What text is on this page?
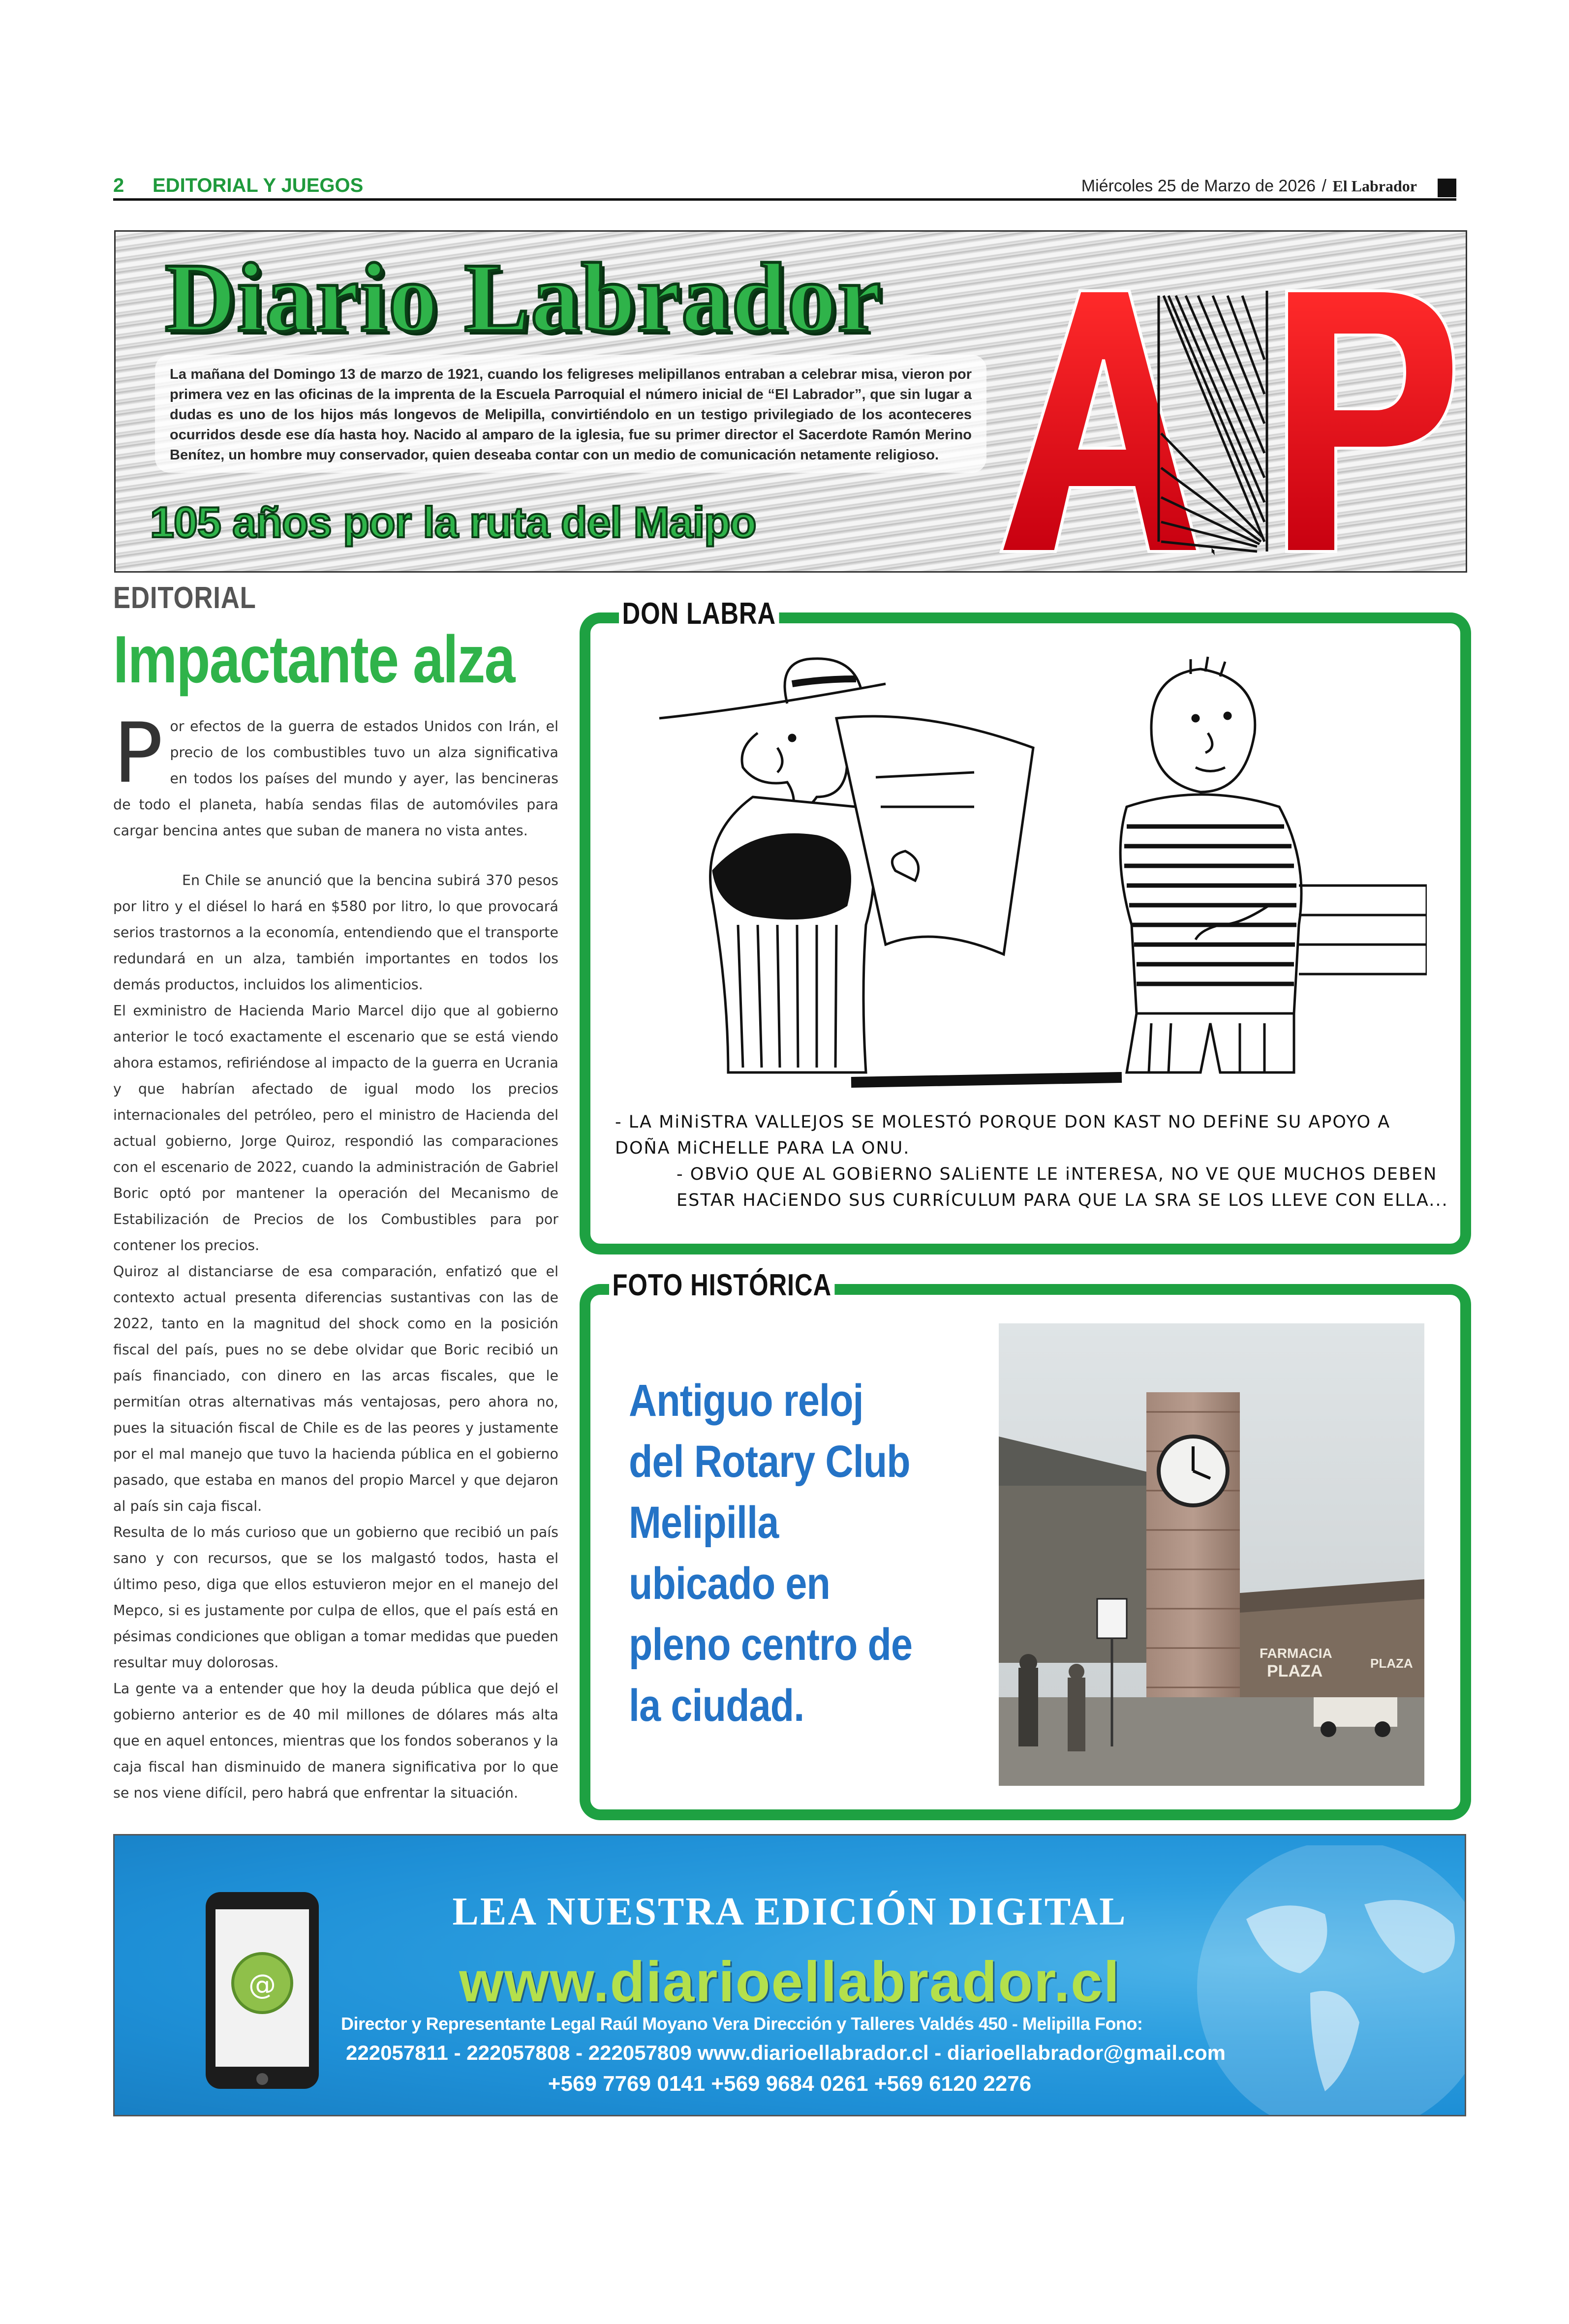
2 EDITORIAL Y JUEGOS	Miércoles 25 de Marzo de 2026 / El Labrador
Diario Labrador
La mañana del Domingo 13 de marzo de 1921, cuando los feligreses melipillanos entraban a celebrar misa, vieron por primera vez en las oficinas de la imprenta de la Escuela Parroquial el número inicial de “El Labrador”, que sin lugar a dudas es uno de los hijos más longevos de Melipilla, convirtiéndolo en un testigo privilegiado de los aconteceres ocurridos desde ese día hasta hoy. Nacido al amparo de la iglesia, fue su primer director el Sacerdote Ramón Merino Benítez, un hombre muy conservador, quien deseaba contar con un medio de comunicación netamente religioso.
105 años por la ruta del Maipo
A	N	P
EDITORIAL
Impactante alza

Por efectos de la guerra de estados Unidos con Irán, el precio de los combustibles tuvo un alza significativa en todos los países del mundo y ayer, las bencineras de todo el planeta, había sendas filas de automóviles para cargar bencina antes que suban de manera no vista antes.

En Chile se anunció que la bencina subirá 370 pesos por litro y el diésel lo hará en $580 por litro, lo que provocará serios trastornos a la economía, entendiendo que el transporte redundará en un alza, también importantes en todos los demás productos, incluidos los alimenticios.

El exministro de Hacienda Mario Marcel dijo que al gobierno anterior le tocó exactamente el escenario que se está viendo ahora estamos, refiriéndose al impacto de la guerra en Ucrania y que habrían afectado de igual modo los precios internacionales del petróleo, pero el ministro de Hacienda del actual gobierno, Jorge Quiroz, respondió las comparaciones con el escenario de 2022, cuando la administración de Gabriel Boric optó por mantener la operación del Mecanismo de Estabilización de Precios de los Combustibles para por contener los precios.

Quiroz al distanciarse de esa comparación, enfatizó que el contexto actual presenta diferencias sustantivas con las de 2022, tanto en la magnitud del shock como en la posición fiscal del país, pues no se debe olvidar que Boric recibió un país financiado, con dinero en las arcas fiscales, que le permitían otras alternativas más ventajosas, pero ahora no, pues la situación fiscal de Chile es de las peores y justamente por el mal manejo que tuvo la hacienda pública en el gobierno pasado, que estaba en manos del propio Marcel y que dejaron al país sin caja fiscal.

Resulta de lo más curioso que un gobierno que recibió un país sano y con recursos, que se los malgastó todos, hasta el último peso, diga que ellos estuvieron mejor en el manejo del Mepco, si es justamente por culpa de ellos, que el país está en pésimas condiciones que obligan a tomar medidas que pueden resultar muy dolorosas.

La gente va a entender que hoy la deuda pública que dejó el gobierno anterior es de 40 mil millones de dólares más alta que en aquel entonces, mientras que los fondos soberanos y la caja fiscal han disminuido de manera significativa por lo que se nos viene difícil, pero habrá que enfrentar la situación.

DON LABRA

- LA MiNiSTRA VALLEJOS SE MOLESTÓ PORQUE DON KAST NO DEFiNE SU APOYO A DOÑA MiCHELLE PARA LA ONU.

- OBViO QUE AL GOBiERNO SALiENTE LE iNTERESA, NO VE QUE MUCHOS DEBEN ESTAR HACiENDO SUS CURRÍCULUM PARA QUE LA SRA SE LOS LLEVE CON ELLA...

FOTO HISTÓRICA
Antiguo reloj del Rotary Club Melipilla ubicado en pleno centro de la ciudad.
FARMACIA
PLAZA	PLAZA
@
LEA NUESTRA EDICIÓN DIGITAL
www.diarioellabrador.cl
Director y Representante Legal Raúl Moyano Vera Dirección y Talleres Valdés 450 - Melipilla Fono:
222057811 - 222057808 - 222057809 www.diarioellabrador.cl - diarioellabrador@gmail.com
+569 7769 0141 +569 9684 0261 +569 6120 2276
